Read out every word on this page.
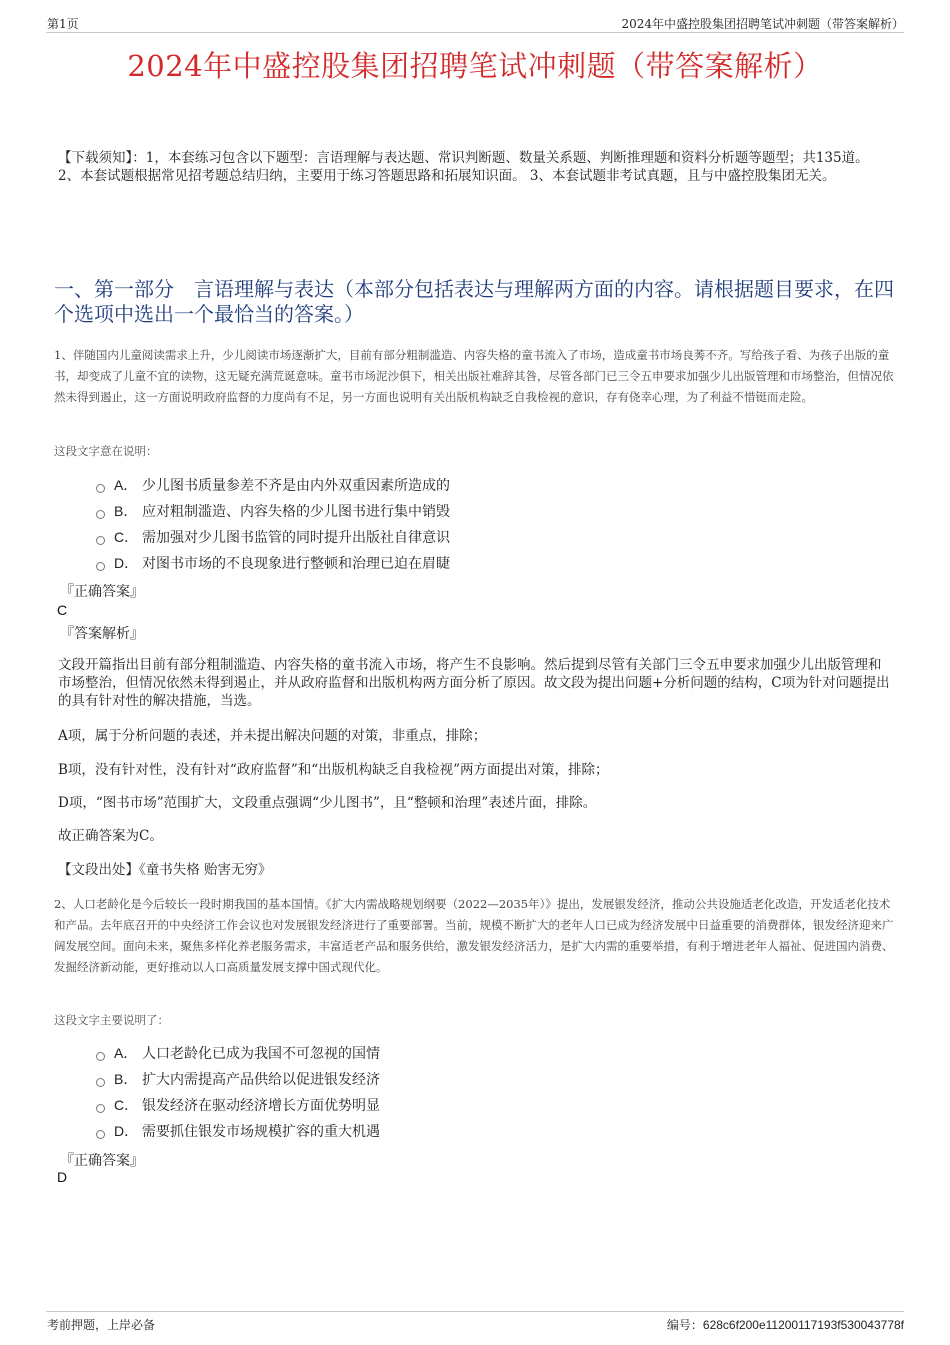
第1页	2024年中盛控股集团招聘笔试冲刺题（带答案解析）
2024年中盛控股集团招聘笔试冲刺题（带答案解析）
【下载须知】：1，本套练习包含以下题型：言语理解与表达题、常识判断题、数量关系题、判断推理题和资料分析题等题型；共135道。 2、本套试题根据常见招考题总结归纳，主要用于练习答题思路和拓展知识面。 3、本套试题非考试真题，且与中盛控股集团无关。
一、第一部分　言语理解与表达（本部分包括表达与理解两方面的内容。请根据题目要求，在四个选项中选出一个最恰当的答案。）
1、伴随国内儿童阅读需求上升，少儿阅读市场逐渐扩大，目前有部分粗制滥造、内容失格的童书流入了市场，造成童书市场良莠不齐。写给孩子看、为孩子出版的童书，却变成了儿童不宜的读物，这无疑充满荒诞意味。童书市场泥沙俱下，相关出版社难辞其咎，尽管各部门已三令五申要求加强少儿出版管理和市场整治，但情况依然未得到遏止，这一方面说明政府监督的力度尚有不足，另一方面也说明有关出版机构缺乏自我检视的意识，存有侥幸心理，为了利益不惜铤而走险。
这段文字意在说明：
A． 少儿图书质量参差不齐是由内外双重因素所造成的
B． 应对粗制滥造、内容失格的少儿图书进行集中销毁
C． 需加强对少儿图书监管的同时提升出版社自律意识
D． 对图书市场的不良现象进行整顿和治理已迫在眉睫
『正确答案』
C
『答案解析』
文段开篇指出目前有部分粗制滥造、内容失格的童书流入市场，将产生不良影响。然后提到尽管有关部门三令五申要求加强少儿出版管理和市场整治，但情况依然未得到遏止，并从政府监督和出版机构两方面分析了原因。故文段为提出问题+分析问题的结构，C项为针对问题提出的具有针对性的解决措施，当选。
A项，属于分析问题的表述，并未提出解决问题的对策，非重点，排除；
B项，没有针对性，没有针对“政府监督”和“出版机构缺乏自我检视”两方面提出对策，排除；
D项，“图书市场”范围扩大，文段重点强调“少儿图书”，且“整顿和治理”表述片面，排除。
故正确答案为C。
【文段出处】《童书失格 贻害无穷》
2、人口老龄化是今后较长一段时期我国的基本国情。《扩大内需战略规划纲要（2022—2035年）》提出，发展银发经济，推动公共设施适老化改造，开发适老化技术和产品。去年底召开的中央经济工作会议也对发展银发经济进行了重要部署。当前，规模不断扩大的老年人口已成为经济发展中日益重要的消费群体，银发经济迎来广阔发展空间。面向未来，聚焦多样化养老服务需求，丰富适老产品和服务供给，激发银发经济活力，是扩大内需的重要举措，有利于增进老年人福祉、促进国内消费、发掘经济新动能，更好推动以人口高质量发展支撑中国式现代化。
这段文字主要说明了：
A． 人口老龄化已成为我国不可忽视的国情
B． 扩大内需提高产品供给以促进银发经济
C． 银发经济在驱动经济增长方面优势明显
D． 需要抓住银发市场规模扩容的重大机遇
『正确答案』
D
考前押题，上岸必备	编号：628c6f200e11200117193f530043778f
